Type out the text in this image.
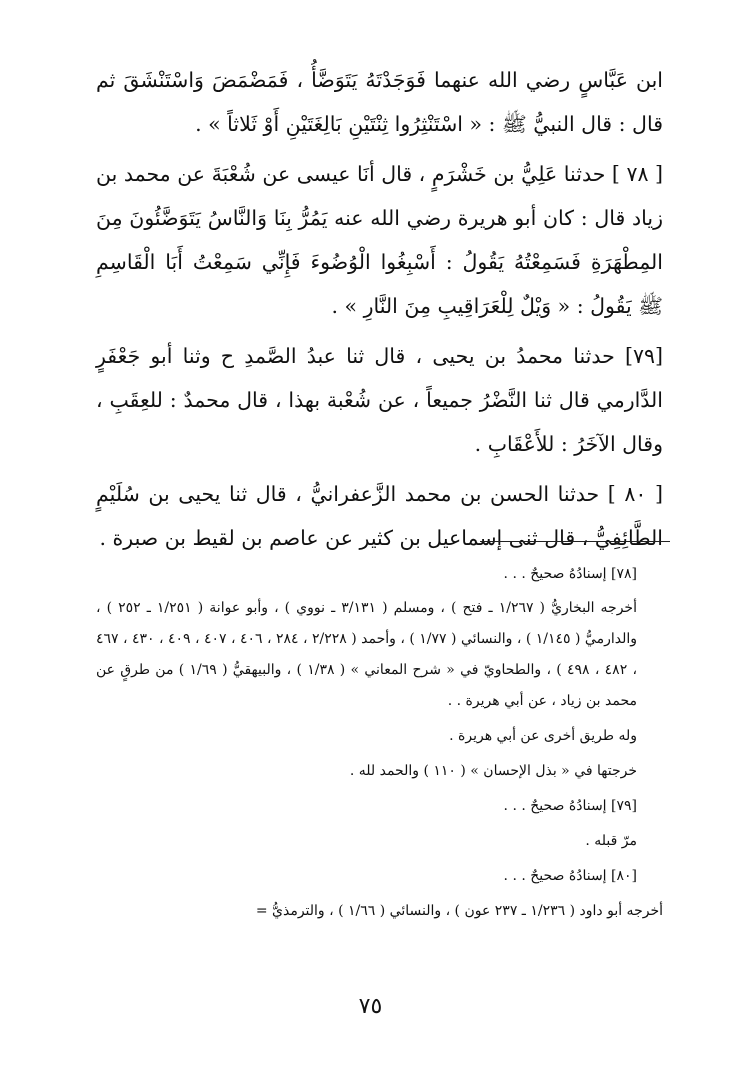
ابن عَبَّاسٍ رضي الله عنهما فَوَجَدْتَهُ يَتَوَضَّأُ ، فَمَضْمَضَ وَاسْتَنْشَقَ ثم قال : قال النبيُّ ﷺ : « اسْتَنْثِرُوا ثِنْتَيْنِ بَالِغَتَيْنِ أَوْ ثَلاثاً » .

[ ٧٨ ] حدثنا عَلِيُّ بن خَشْرَمٍ ، قال أنَا عيسى عن شُعْبَةَ عن محمد بن زياد قال : كان أبو هريرة رضي الله عنه يَمُرُّ بِنَا وَالنَّاسُ يَتَوَضَّئُونَ مِنَ المِطْهَرَةِ فَسَمِعْتُهُ يَقُولُ : أَسْبِغُوا الْوُضُوءَ فَإِنِّي سَمِعْتُ أَبَا الْقَاسِمِ ﷺ يَقُولُ : « وَيْلٌ لِلْعَرَاقِيبِ مِنَ النَّارِ » .

[٧٩] حدثنا محمدُ بن يحيى ، قال ثنا عبدُ الصَّمدِ ح وثنا أبو جَعْفَرٍ الدَّارمي قال ثنا النَّضْرُ جميعاً ، عن شُعْبة بهذا ، قال محمدٌ : للعِقَبِ ، وقال الآخَرُ : للأَعْقَابِ .

[ ٨٠ ] حدثنا الحسن بن محمد الزَّعفرانيُّ ، قال ثنا يحيى بن سُلَيْمٍ الطَّائِفِيُّ ، قال ثنى إسماعيل بن كثير عن عاصم بن لقيط بن صبرة .

[٧٨] إسنادُهُ صحيحٌ . . .

أخرجه البخاريُّ ( ١/٢٦٧ ـ فتح ) ، ومسلم ( ٣/١٣١ ـ نووي ) ، وأبو عوانة ( ١/٢٥١ ـ ٢٥٢ ) ، والدارميُّ ( ١/١٤٥ ) ، والنسائي ( ١/٧٧ ) ، وأحمد ( ٢/٢٢٨ ، ٢٨٤ ، ٤٠٦ ، ٤٠٧ ، ٤٠٩ ، ٤٣٠ ، ٤٦٧ ، ٤٨٢ ، ٤٩٨ ) ، والطحاويّ في « شرح المعاني » ( ١/٣٨ ) ، والبيهقيُّ ( ١/٦٩ ) من طرقٍ عن محمد بن زياد ، عن أبي هريرة . .

وله طريق أخرى عن أبي هريرة .

خرجتها في « بذل الإحسان » ( ١١٠ ) والحمد لله .

[٧٩] إسنادُهُ صحيحٌ . . .

مرّ قبله .

[٨٠] إسنادُهُ صحيحٌ . . .

أخرجه أبو داود ( ١/٢٣٦ ـ ٢٣٧ عون ) ، والنسائي ( ١/٦٦ ) ، والترمذيُّ =

٧٥
